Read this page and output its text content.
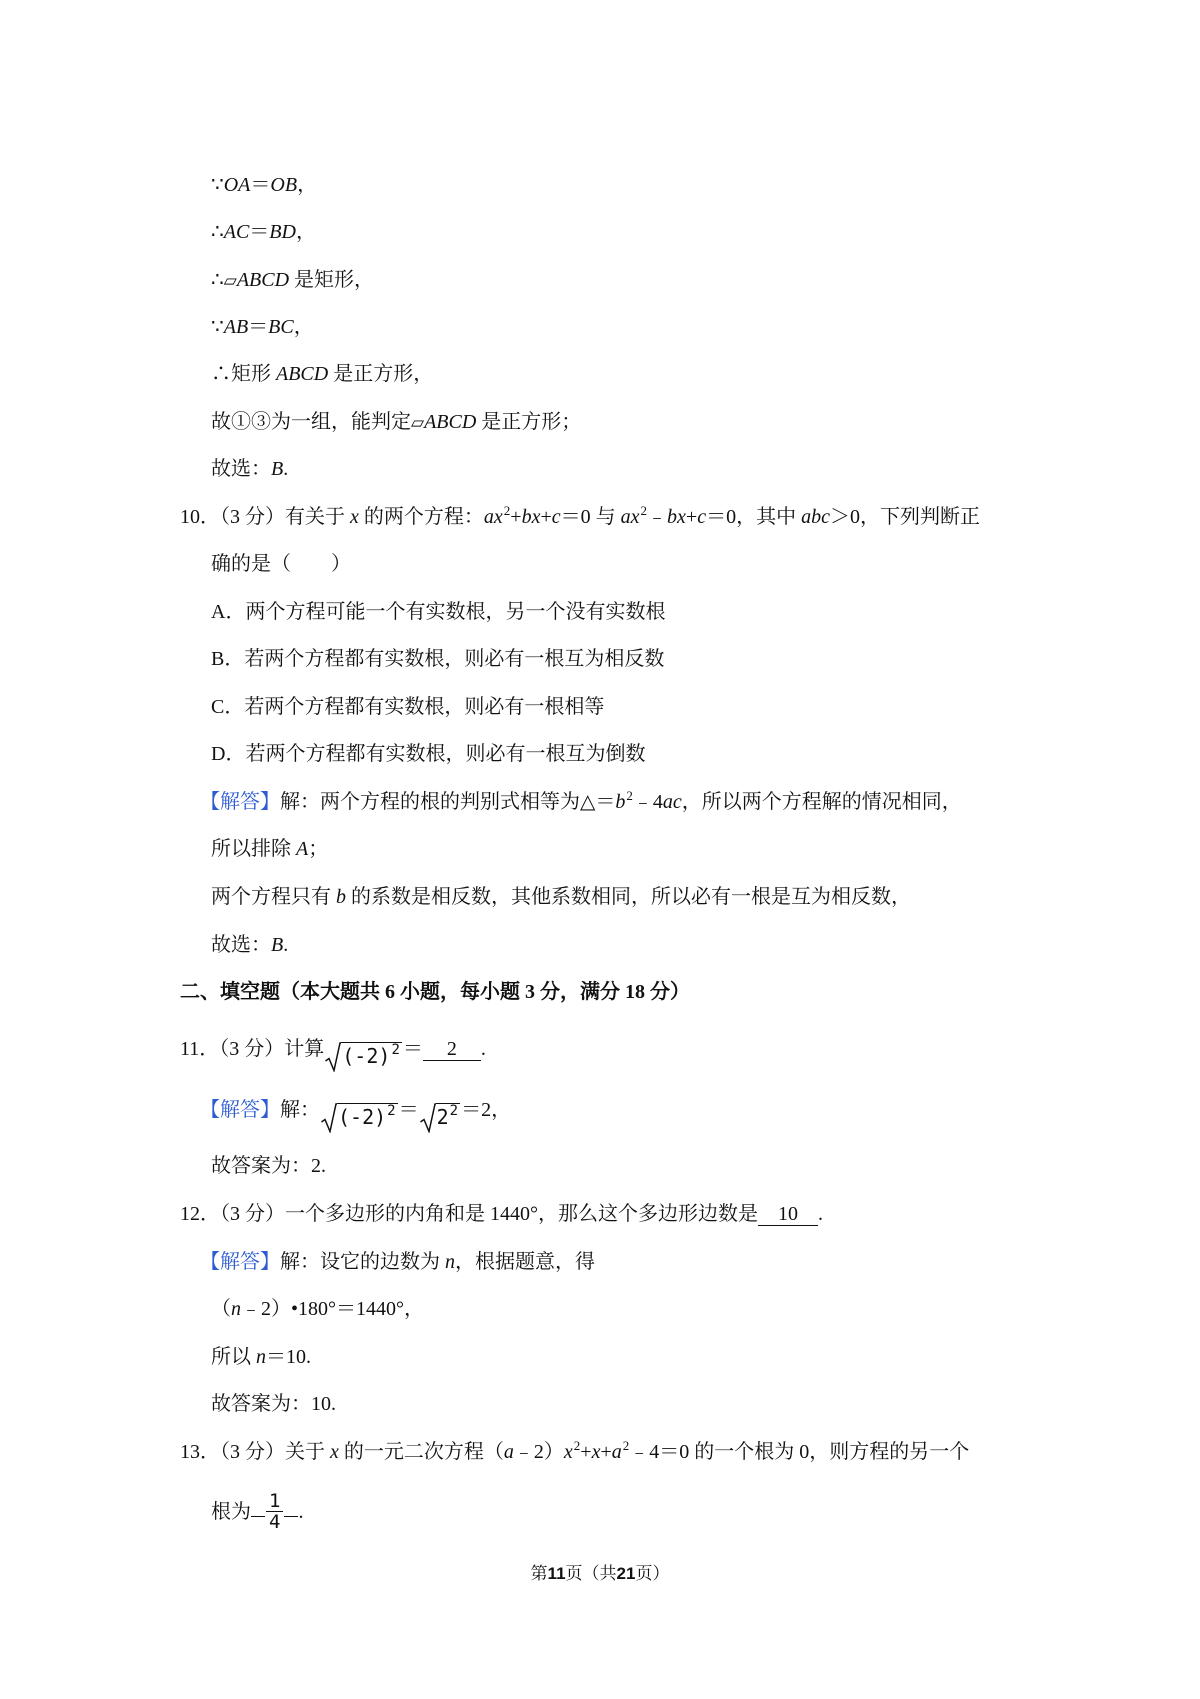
∵OA＝OB，
∴AC＝BD，
∴▱ABCD 是矩形，
∵AB＝BC，
∴矩形 ABCD 是正方形，
故①③为一组，能判定▱ABCD 是正方形；
故选：B.
10．（3 分）有关于 x 的两个方程：$ax^2+bx+c=0$ 与 $ax^2﹣bx+c=0$，其中 abc＞0，下列判断正
确的是（　　）
A．两个方程可能一个有实数根，另一个没有实数根
B．若两个方程都有实数根，则必有一根互为相反数
C．若两个方程都有实数根，则必有一根相等
D．若两个方程都有实数根，则必有一根互为倒数
【解答】解：两个方程的根的判别式相等为$\triangle=b^2﹣4ac$，所以两个方程解的情况相同，
所以排除 A；
两个方程只有 b 的系数是相反数，其他系数相同，所以必有一根是互为相反数，
故选：B.
二、填空题（本大题共 6 小题，每小题 3 分，满分 18 分）
11．（3 分）计算 $(-2)^2 = 2$ .
【解答】解： $(-2)^2 = 2^2 =2$，
故答案为：2.
12．（3 分）一个多边形的内角和是 1440°，那么这个多边形边数是 10 .
【解答】解：设它的边数为 n，根据题意，得
（n﹣2）•180°＝1440°，
所以 n＝10.
故答案为：10.
13．（3 分）关于 x 的一元二次方程$(a﹣2)x^2+x+a^2﹣4=0$ 的一个根为 0，则方程的另一个
根为 $\frac{1}{4}$ .
第11页（共21页）
